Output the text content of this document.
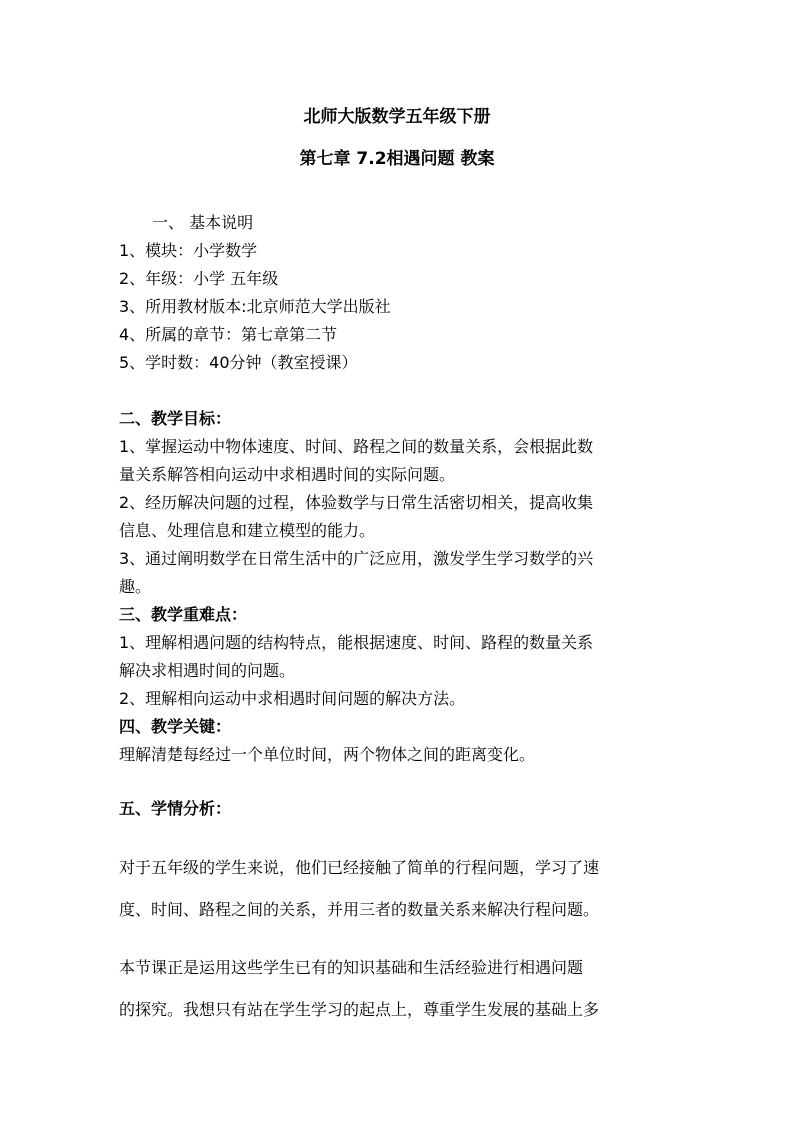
北师大版数学五年级下册
第七章 7.2相遇问题 教案
一、 基本说明
1、模块：小学数学
2、年级：小学 五年级
3、所用教材版本:北京师范大学出版社
4、所属的章节：第七章第二节
5、学时数：40分钟（教室授课）
二、教学目标：
1、掌握运动中物体速度、时间、路程之间的数量关系，会根据此数
量关系解答相向运动中求相遇时间的实际问题。
2、经历解决问题的过程，体验数学与日常生活密切相关，提高收集
信息、处理信息和建立模型的能力。
3、通过阐明数学在日常生活中的广泛应用，激发学生学习数学的兴
趣。
三、教学重难点：
1、理解相遇问题的结构特点，能根据速度、时间、路程的数量关系
解决求相遇时间的问题。
2、理解相向运动中求相遇时间问题的解决方法。
四、教学关键：
理解清楚每经过一个单位时间，两个物体之间的距离变化。
五、学情分析：
对于五年级的学生来说，他们已经接触了简单的行程问题，学习了速
度、时间、路程之间的关系，并用三者的数量关系来解决行程问题。
本节课正是运用这些学生已有的知识基础和生活经验进行相遇问题
的探究。我想只有站在学生学习的起点上，尊重学生发展的基础上多
